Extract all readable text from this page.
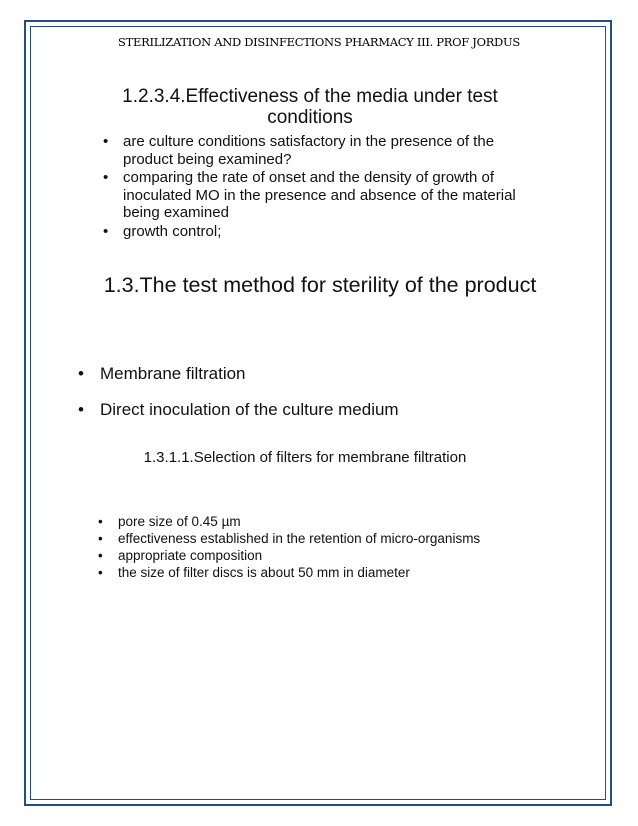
STERILIZATION AND DISINFECTIONS PHARMACY III. PROF JORDUS
1.2.3.4.Effectiveness of the media under test conditions
• are culture conditions satisfactory in the presence of the product being examined?
• comparing the rate of onset and the density of growth of inoculated MO in the presence and absence of the material being examined
• growth control;
1.3.The test method for sterility of the product
• Membrane filtration
• Direct inoculation of the culture medium
1.3.1.1.Selection of filters for membrane filtration
• pore size of 0.45 µm
• effectiveness established in the retention of micro-organisms
• appropriate composition
• the size of filter discs is about 50 mm in diameter
